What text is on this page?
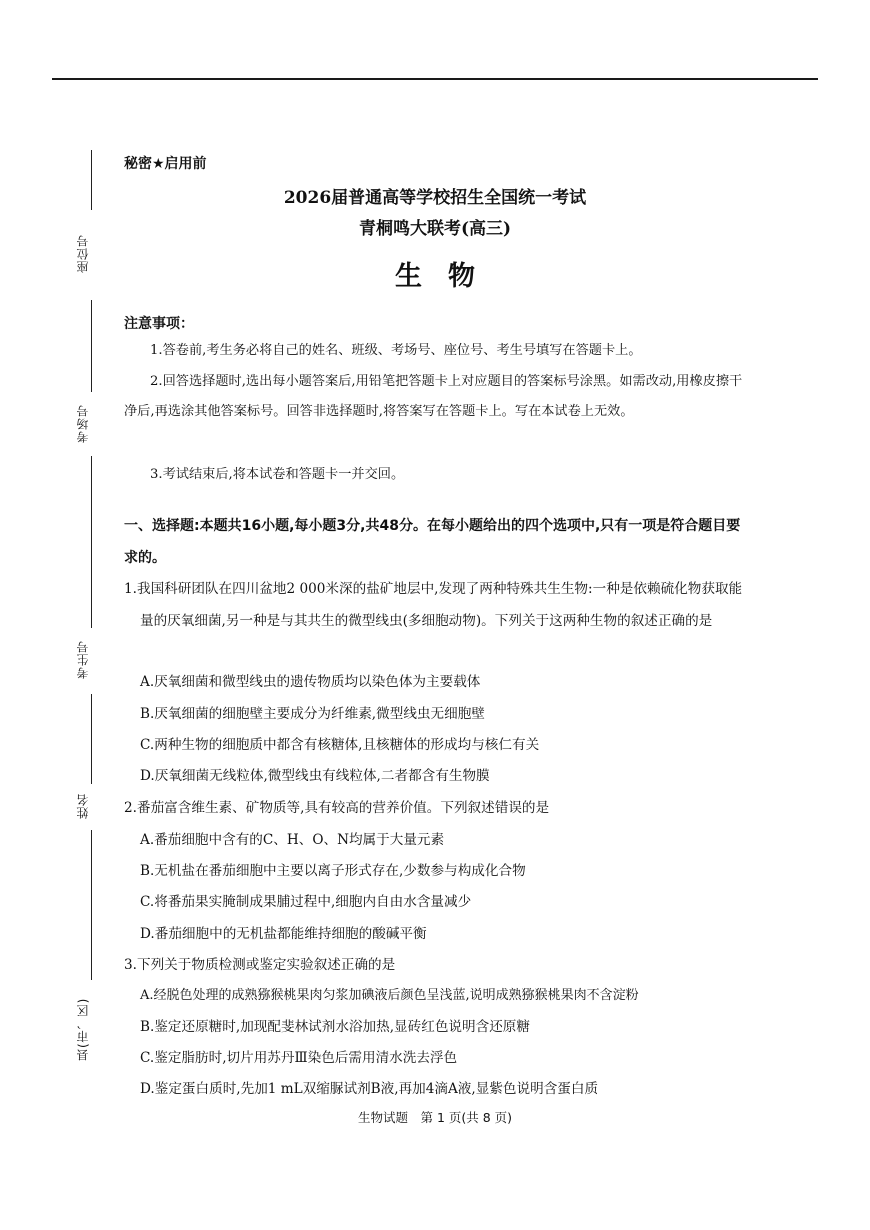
座位号
考场号
考生号
姓名
县(市、区)
秘密★启用前
2026届普通高等学校招生全国统一考试
青桐鸣大联考(高三)
生物
注意事项：
1.答卷前,考生务必将自己的姓名、班级、考场号、座位号、考生号填写在答题卡上。
2.回答选择题时,选出每小题答案后,用铅笔把答题卡上对应题目的答案标号涂黑。如需改动,用橡皮擦干净后,再选涂其他答案标号。回答非选择题时,将答案写在答题卡上。写在本试卷上无效。
3.考试结束后,将本试卷和答题卡一并交回。
一、选择题:本题共16小题,每小题3分,共48分。在每小题给出的四个选项中,只有一项是符合题目要求的。
1.我国科研团队在四川盆地2 000米深的盐矿地层中,发现了两种特殊共生生物:一种是依赖硫化物获取能量的厌氧细菌,另一种是与其共生的微型线虫(多细胞动物)。下列关于这两种生物的叙述正确的是
A.厌氧细菌和微型线虫的遗传物质均以染色体为主要载体
B.厌氧细菌的细胞壁主要成分为纤维素,微型线虫无细胞壁
C.两种生物的细胞质中都含有核糖体,且核糖体的形成均与核仁有关
D.厌氧细菌无线粒体,微型线虫有线粒体,二者都含有生物膜
2.番茄富含维生素、矿物质等,具有较高的营养价值。下列叙述错误的是
A.番茄细胞中含有的C、H、O、N均属于大量元素
B.无机盐在番茄细胞中主要以离子形式存在,少数参与构成化合物
C.将番茄果实腌制成果脯过程中,细胞内自由水含量减少
D.番茄细胞中的无机盐都能维持细胞的酸碱平衡
3.下列关于物质检测或鉴定实验叙述正确的是
A.经脱色处理的成熟猕猴桃果肉匀浆加碘液后颜色呈浅蓝,说明成熟猕猴桃果肉不含淀粉
B.鉴定还原糖时,加现配斐林试剂水浴加热,显砖红色说明含还原糖
C.鉴定脂肪时,切片用苏丹Ⅲ染色后需用清水洗去浮色
D.鉴定蛋白质时,先加1 mL双缩脲试剂B液,再加4滴A液,显紫色说明含蛋白质
生物试题　第 1 页(共 8 页)
